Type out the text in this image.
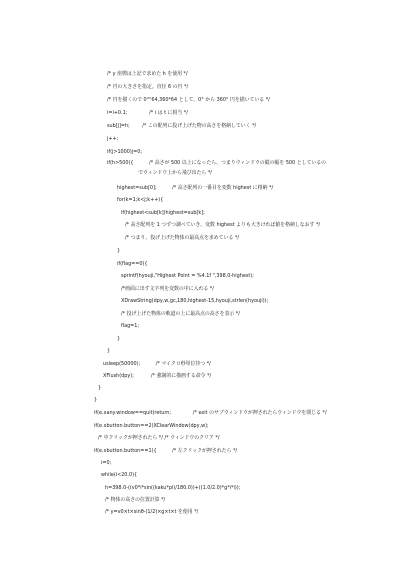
/* y 座標は上記で求めた h を使用 */
/* 円の大きさを指定。直径 6 の円 */
/* 円を描くので 0°"64,360*64 として、0° から 360° 円を描いている */
i=i+0.1;              /* i は t に相当 */
sub[j]=h;        /* この配列に投げ上げた物の高さを格納していく */
j++;
if(j>1000)j=0;
if(h>500){          /* 高さが 500 以上になったら、つまりウィンドウの縦の幅を 500 としているの
でウィンドウ上から飛び出たら */
highest=sub[0];          /* 高さ配列の一番目を変数 highest に格納 */
for(k=1;k<j;k++){
if(highest<sub[k])highest=sub[k];
/* 高さ配列を 1 つずつ調べていき、変数 highest よりも大きければ値を格納しなおす */
/* つまり、投げ上げた物体の最高点を求めている */
}
if(flag==0){
sprintf(hyouji,"Highest Point = %4.1f ",398.0-highest);
/*画面に出す文字列を変数の中に入れる */
XDrawString(dpy,w,gc,180,highest-15,hyouji,strlen(hyouji));
/* 投げ上げた物体の軌道の上に最高点の高さを表示 */
flag=1;
}
}
usleep(50000);          /* マイクロ秒単位待つ */
XFlush(dpy);           /* 強制的に描画する命令 */
}
}
if(e.xany.window==quit)return;              /* exit のサブウィンドウが押されたらウィンドウを閉じる */
if(e.xbutton.button==2)XClearWindow(dpy,w);
/* 中クリックが押されたら */ /* ウィンドウのクリア */
if(e.xbutton.button==1){          /* 左クリックが押されたら */
i=0;
while(i<20.0){
h=398.0-((v0*i*sin((kaku*pi)/180.0))+((1.0/2.0)*g*i*i));
/* 物体の高さの位置計算 */
/* y=v0×t×sinθ-(1/2)×g×t×t を使用 */
